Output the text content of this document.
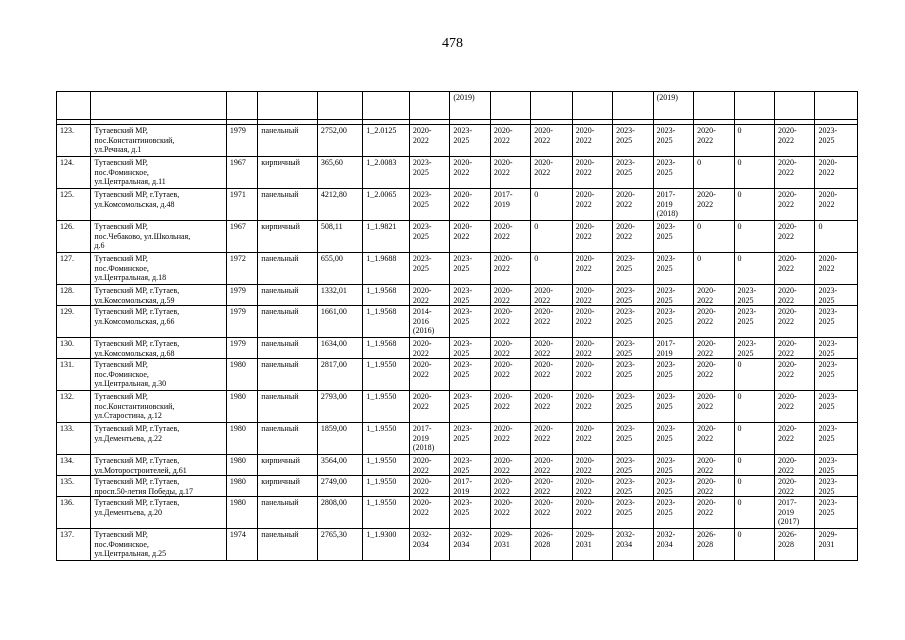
478
							(2019)					(2019)				

123.	Тутаевский МР,
пос.Константиновский,
ул.Речная, д.1	1979	панельный	2752,00	1_2.0125	2020-
2022	2023-
2025	2020-
2022	2020-
2022	2020-
2022	2023-
2025	2023-
2025	2020-
2022	0	2020-
2022	2023-
2025
124.	Тутаевский МР,
пос.Фоминское,
ул.Центральная, д.11	1967	кирпичный	365,60	1_2.0083	2023-
2025	2020-
2022	2020-
2022	2020-
2022	2020-
2022	2023-
2025	2023-
2025	0	0	2020-
2022	2020-
2022
125.	Тутаевский МР, г.Тутаев,
ул.Комсомольская, д.48	1971	панельный	4212,80	1_2.0065	2023-
2025	2020-
2022	2017-
2019	0	2020-
2022	2020-
2022	2017-
2019
(2018)	2020-
2022	0	2020-
2022	2020-
2022
126.	Тутаевский МР,
пос.Чебаково, ул.Школьная,
д.6	1967	кирпичный	508,11	1_1.9821	2023-
2025	2020-
2022	2020-
2022	0	2020-
2022	2020-
2022	2023-
2025	0	0	2020-
2022	0
127.	Тутаевский МР,
пос.Фоминское,
ул.Центральная, д.18	1972	панельный	655,00	1_1.9688	2023-
2025	2023-
2025	2020-
2022	0	2020-
2022	2023-
2025	2023-
2025	0	0	2020-
2022	2020-
2022
128.	Тутаевский МР, г.Тутаев,
ул.Комсомольская, д.59	1979	панельный	1332,01	1_1.9568	2020-
2022	2023-
2025	2020-
2022	2020-
2022	2020-
2022	2023-
2025	2023-
2025	2020-
2022	2023-
2025	2020-
2022	2023-
2025
129.	Тутаевский МР, г.Тутаев,
ул.Комсомольская, д.66	1979	панельный	1661,00	1_1.9568	2014-
2016
(2016)	2023-
2025	2020-
2022	2020-
2022	2020-
2022	2023-
2025	2023-
2025	2020-
2022	2023-
2025	2020-
2022	2023-
2025
130.	Тутаевский МР, г.Тутаев,
ул.Комсомольская, д.68	1979	панельный	1634,00	1_1.9568	2020-
2022	2023-
2025	2020-
2022	2020-
2022	2020-
2022	2023-
2025	2017-
2019	2020-
2022	2023-
2025	2020-
2022	2023-
2025
131.	Тутаевский МР,
пос.Фоминское,
ул.Центральная, д.30	1980	панельный	2817,00	1_1.9550	2020-
2022	2023-
2025	2020-
2022	2020-
2022	2020-
2022	2023-
2025	2023-
2025	2020-
2022	0	2020-
2022	2023-
2025
132.	Тутаевский МР,
пос.Константиновский,
ул.Старостина, д.12	1980	панельный	2793,00	1_1.9550	2020-
2022	2023-
2025	2020-
2022	2020-
2022	2020-
2022	2023-
2025	2023-
2025	2020-
2022	0	2020-
2022	2023-
2025
133.	Тутаевский МР, г.Тутаев,
ул.Дементьева, д.22	1980	панельный	1859,00	1_1.9550	2017-
2019
(2018)	2023-
2025	2020-
2022	2020-
2022	2020-
2022	2023-
2025	2023-
2025	2020-
2022	0	2020-
2022	2023-
2025
134.	Тутаевский МР, г.Тутаев,
ул.Моторостроителей, д.61	1980	кирпичный	3564,00	1_1.9550	2020-
2022	2023-
2025	2020-
2022	2020-
2022	2020-
2022	2023-
2025	2023-
2025	2020-
2022	0	2020-
2022	2023-
2025
135.	Тутаевский МР, г.Тутаев,
просп.50-летия Победы, д.17	1980	кирпичный	2749,00	1_1.9550	2020-
2022	2017-
2019	2020-
2022	2020-
2022	2020-
2022	2023-
2025	2023-
2025	2020-
2022	0	2020-
2022	2023-
2025
136.	Тутаевский МР, г.Тутаев,
ул.Дементьева, д.20	1980	панельный	2808,00	1_1.9550	2020-
2022	2023-
2025	2020-
2022	2020-
2022	2020-
2022	2023-
2025	2023-
2025	2020-
2022	0	2017-
2019
(2017)	2023-
2025
137.	Тутаевский МР,
пос.Фоминское,
ул.Центральная, д.25	1974	панельный	2765,30	1_1.9300	2032-
2034	2032-
2034	2029-
2031	2026-
2028	2029-
2031	2032-
2034	2032-
2034	2026-
2028	0	2026-
2028	2029-
2031
